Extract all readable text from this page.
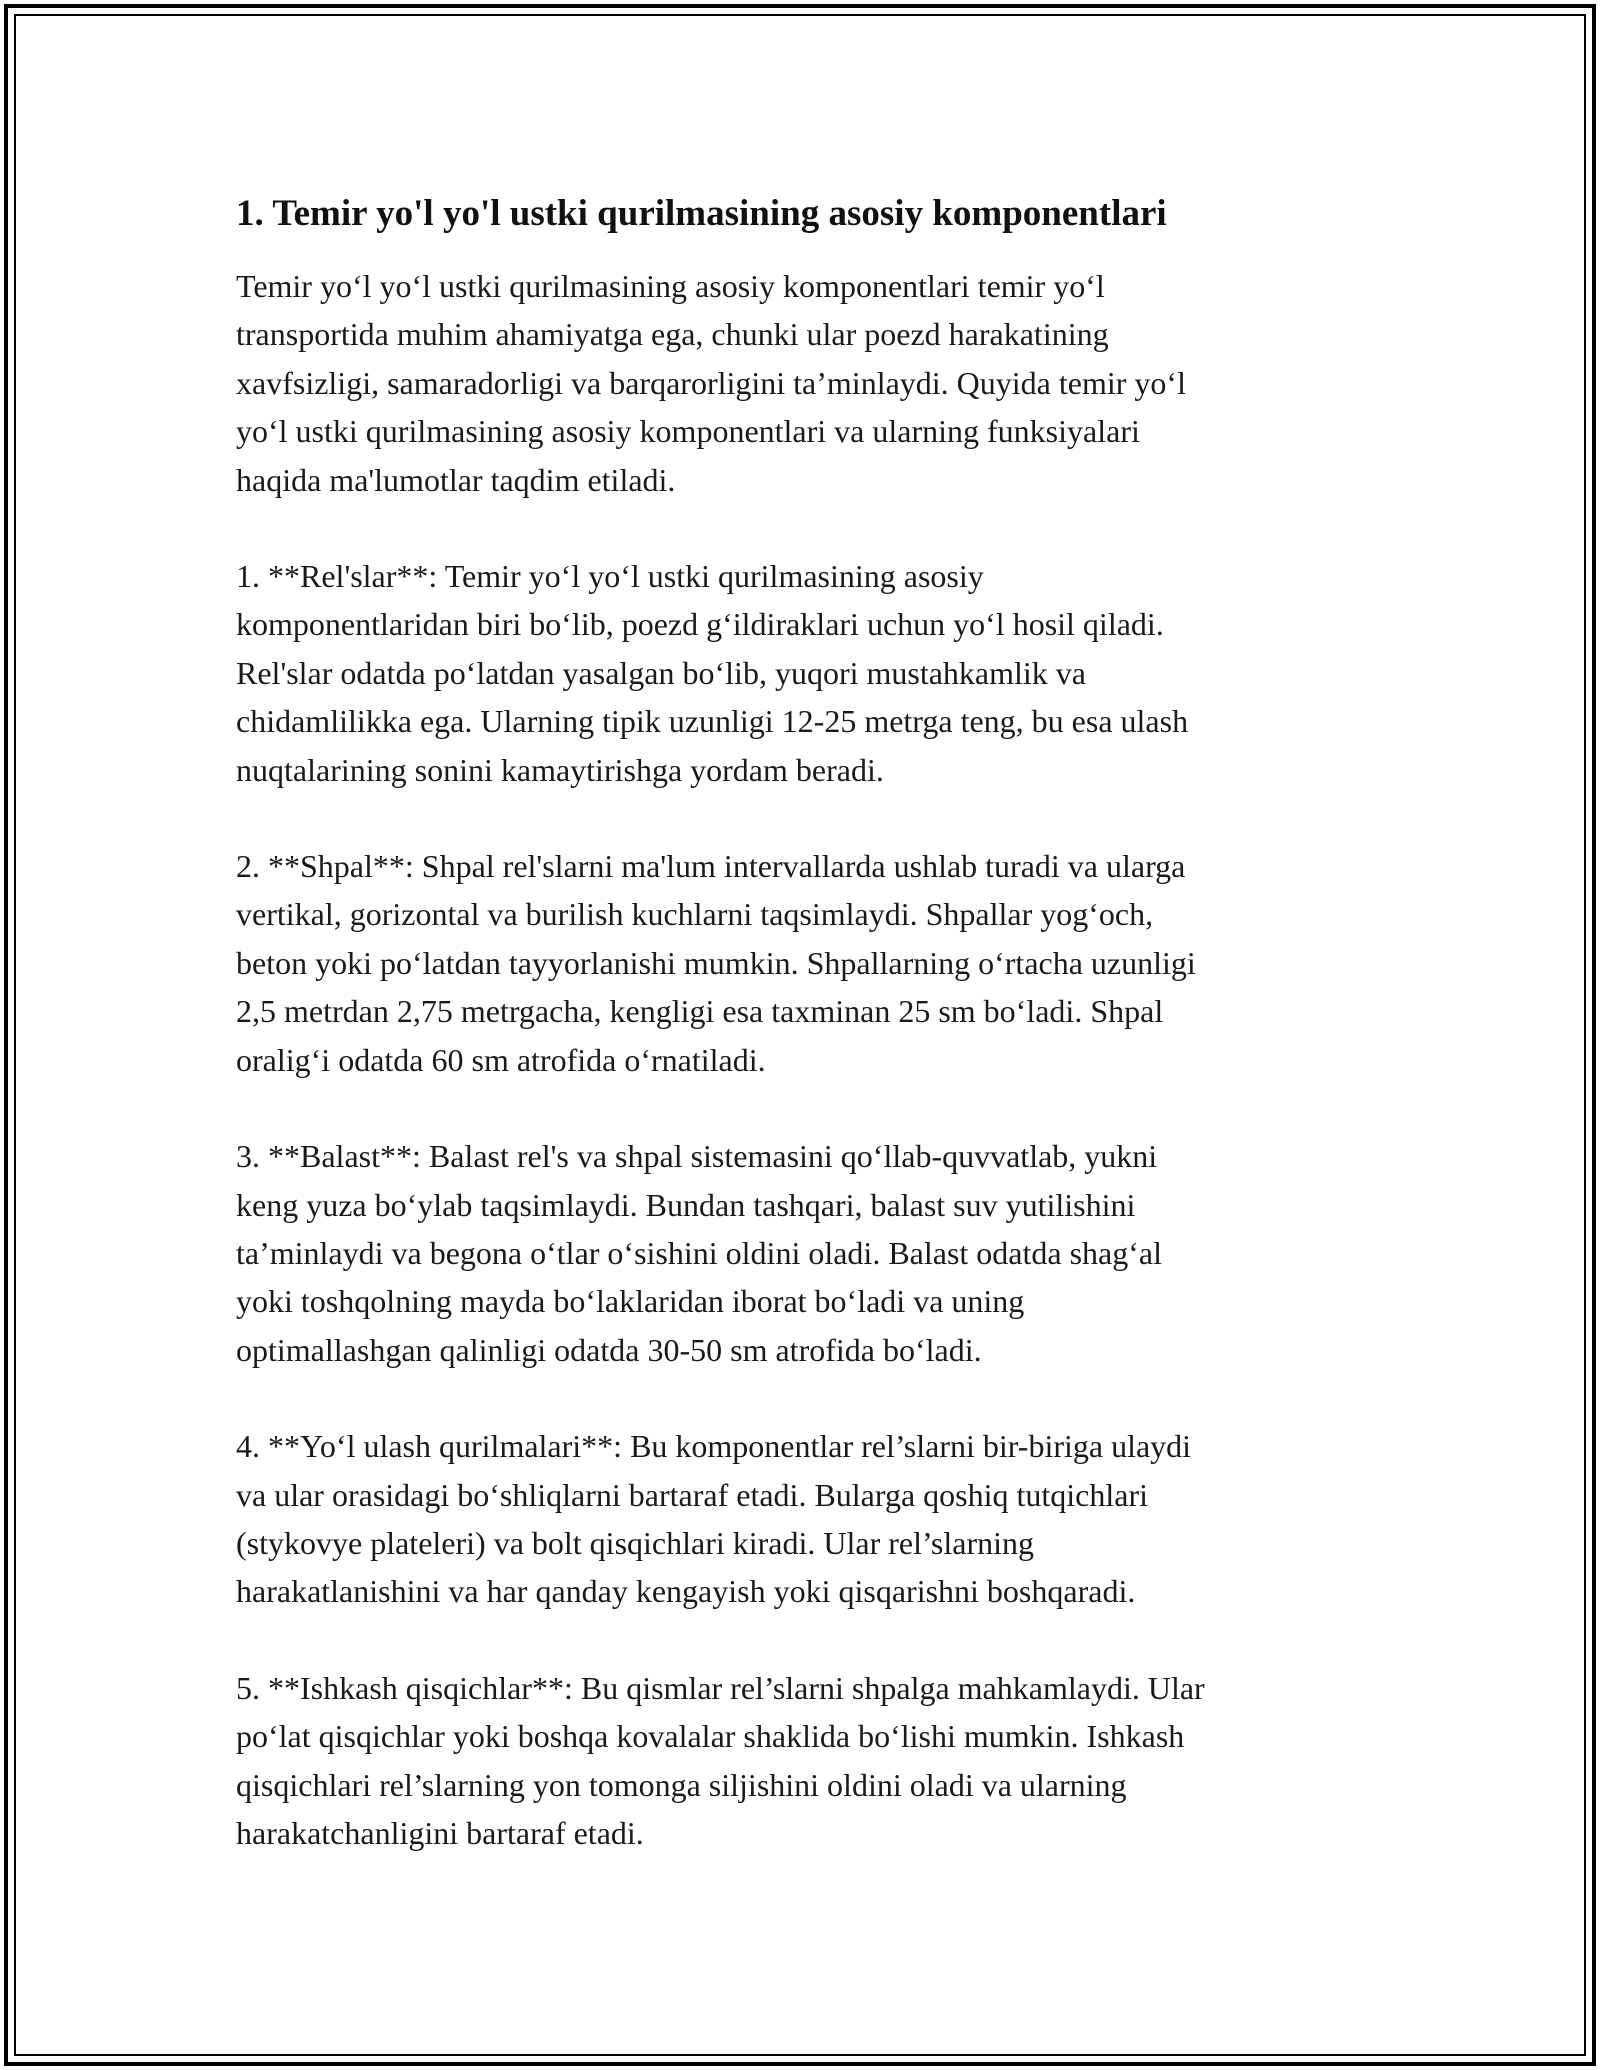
1. Temir yo'l yo'l ustki qurilmasining asosiy komponentlari
Temir yo‘l yo‘l ustki qurilmasining asosiy komponentlari temir yo‘l
transportida muhim ahamiyatga ega, chunki ular poezd harakatining
xavfsizligi, samaradorligi va barqarorligini ta’minlaydi. Quyida temir yo‘l
yo‘l ustki qurilmasining asosiy komponentlari va ularning funksiyalari
haqida ma'lumotlar taqdim etiladi.
1. **Rel'slar**: Temir yo‘l yo‘l ustki qurilmasining asosiy
komponentlaridan biri bo‘lib, poezd g‘ildiraklari uchun yo‘l hosil qiladi.
Rel'slar odatda po‘latdan yasalgan bo‘lib, yuqori mustahkamlik va
chidamlilikka ega. Ularning tipik uzunligi 12-25 metrga teng, bu esa ulash
nuqtalarining sonini kamaytirishga yordam beradi.
2. **Shpal**: Shpal rel'slarni ma'lum intervallarda ushlab turadi va ularga
vertikal, gorizontal va burilish kuchlarni taqsimlaydi. Shpallar yog‘och,
beton yoki po‘latdan tayyorlanishi mumkin. Shpallarning o‘rtacha uzunligi
2,5 metrdan 2,75 metrgacha, kengligi esa taxminan 25 sm bo‘ladi. Shpal
oralig‘i odatda 60 sm atrofida o‘rnatiladi.
3. **Balast**: Balast rel's va shpal sistemasini qo‘llab-quvvatlab, yukni
keng yuza bo‘ylab taqsimlaydi. Bundan tashqari, balast suv yutilishini
ta’minlaydi va begona o‘tlar o‘sishini oldini oladi. Balast odatda shag‘al
yoki toshqolning mayda bo‘laklaridan iborat bo‘ladi va uning
optimallashgan qalinligi odatda 30-50 sm atrofida bo‘ladi.
4. **Yo‘l ulash qurilmalari**: Bu komponentlar rel’slarni bir-biriga ulaydi
va ular orasidagi bo‘shliqlarni bartaraf etadi. Bularga qoshiq tutqichlari
(stykovye plateleri) va bolt qisqichlari kiradi. Ular rel’slarning
harakatlanishini va har qanday kengayish yoki qisqarishni boshqaradi.
5. **Ishkash qisqichlar**: Bu qismlar rel’slarni shpalga mahkamlaydi. Ular
po‘lat qisqichlar yoki boshqa kovalalar shaklida bo‘lishi mumkin. Ishkash
qisqichlari rel’slarning yon tomonga siljishini oldini oladi va ularning
harakatchanligini bartaraf etadi.
